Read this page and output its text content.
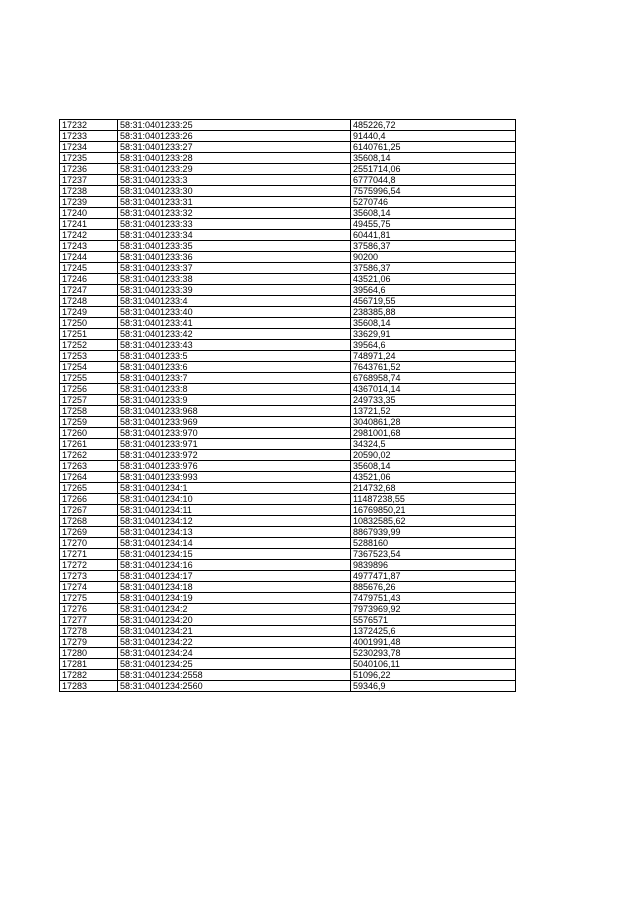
17232	58:31:0401233:25	485226,72
17233	58:31:0401233:26	91440,4
17234	58:31:0401233:27	6140761,25
17235	58:31:0401233:28	35608,14
17236	58:31:0401233:29	2551714,06
17237	58:31:0401233:3	6777044,8
17238	58:31:0401233:30	7575996,54
17239	58:31:0401233:31	5270746
17240	58:31:0401233:32	35608,14
17241	58:31:0401233:33	49455,75
17242	58:31:0401233:34	60441,81
17243	58:31:0401233:35	37586,37
17244	58:31:0401233:36	90200
17245	58:31:0401233:37	37586,37
17246	58:31:0401233:38	43521,06
17247	58:31:0401233:39	39564,6
17248	58:31:0401233:4	456719,55
17249	58:31:0401233:40	238385,88
17250	58:31:0401233:41	35608,14
17251	58:31:0401233:42	33629,91
17252	58:31:0401233:43	39564,6
17253	58:31:0401233:5	748971,24
17254	58:31:0401233:6	7643761,52
17255	58:31:0401233:7	6768958,74
17256	58:31:0401233:8	4367014,14
17257	58:31:0401233:9	249733,35
17258	58:31:0401233:968	13721,52
17259	58:31:0401233:969	3040861,28
17260	58:31:0401233:970	2981001,68
17261	58:31:0401233:971	34324,5
17262	58:31:0401233:972	20590,02
17263	58:31:0401233:976	35608,14
17264	58:31:0401233:993	43521,06
17265	58:31:0401234:1	214732,68
17266	58:31:0401234:10	11487238,55
17267	58:31:0401234:11	16769850,21
17268	58:31:0401234:12	10832585,62
17269	58:31:0401234:13	8867939,99
17270	58:31:0401234:14	5288160
17271	58:31:0401234:15	7367523,54
17272	58:31:0401234:16	9839896
17273	58:31:0401234:17	4977471,87
17274	58:31:0401234:18	885676,26
17275	58:31:0401234:19	7479751,43
17276	58:31:0401234:2	7973969,92
17277	58:31:0401234:20	5576571
17278	58:31:0401234:21	1372425,6
17279	58:31:0401234:22	4001991,48
17280	58:31:0401234:24	5230293,78
17281	58:31:0401234:25	5040106,11
17282	58:31:0401234:2558	51096,22
17283	58:31:0401234:2560	59346,9
